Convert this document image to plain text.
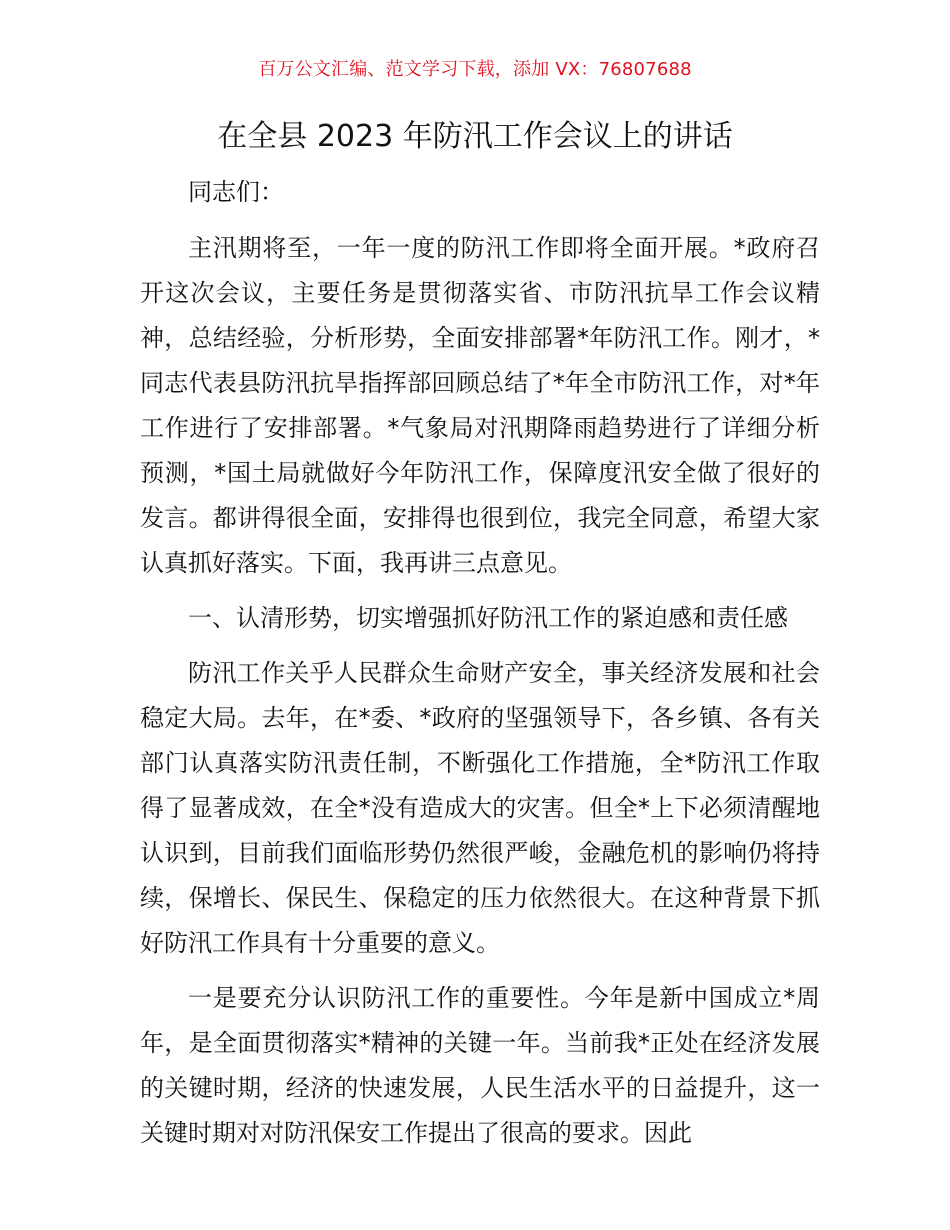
百万公文汇编、范文学习下载，添加 VX：76807688
在全县 2023 年防汛工作会议上的讲话
同志们：

主汛期将至，一年一度的防汛工作即将全面开展。*政府召开这次会议，主要任务是贯彻落实省、市防汛抗旱工作会议精神，总结经验，分析形势，全面安排部署*年防汛工作。刚才，*同志代表县防汛抗旱指挥部回顾总结了*年全市防汛工作，对*年工作进行了安排部署。*气象局对汛期降雨趋势进行了详细分析预测，*国土局就做好今年防汛工作，保障度汛安全做了很好的发言。都讲得很全面，安排得也很到位，我完全同意，希望大家认真抓好落实。下面，我再讲三点意见。

一、认清形势，切实增强抓好防汛工作的紧迫感和责任感

防汛工作关乎人民群众生命财产安全，事关经济发展和社会稳定大局。去年，在*委、*政府的坚强领导下，各乡镇、各有关部门认真落实防汛责任制，不断强化工作措施，全*防汛工作取得了显著成效，在全*没有造成大的灾害。但全*上下必须清醒地认识到，目前我们面临形势仍然很严峻，金融危机的影响仍将持续，保增长、保民生、保稳定的压力依然很大。在这种背景下抓好防汛工作具有十分重要的意义。

一是要充分认识防汛工作的重要性。今年是新中国成立*周年，是全面贯彻落实*精神的关键一年。当前我*正处在经济发展的关键时期，经济的快速发展，人民生活水平的日益提升，这一关键时期对对防汛保安工作提出了很高的要求。因此
